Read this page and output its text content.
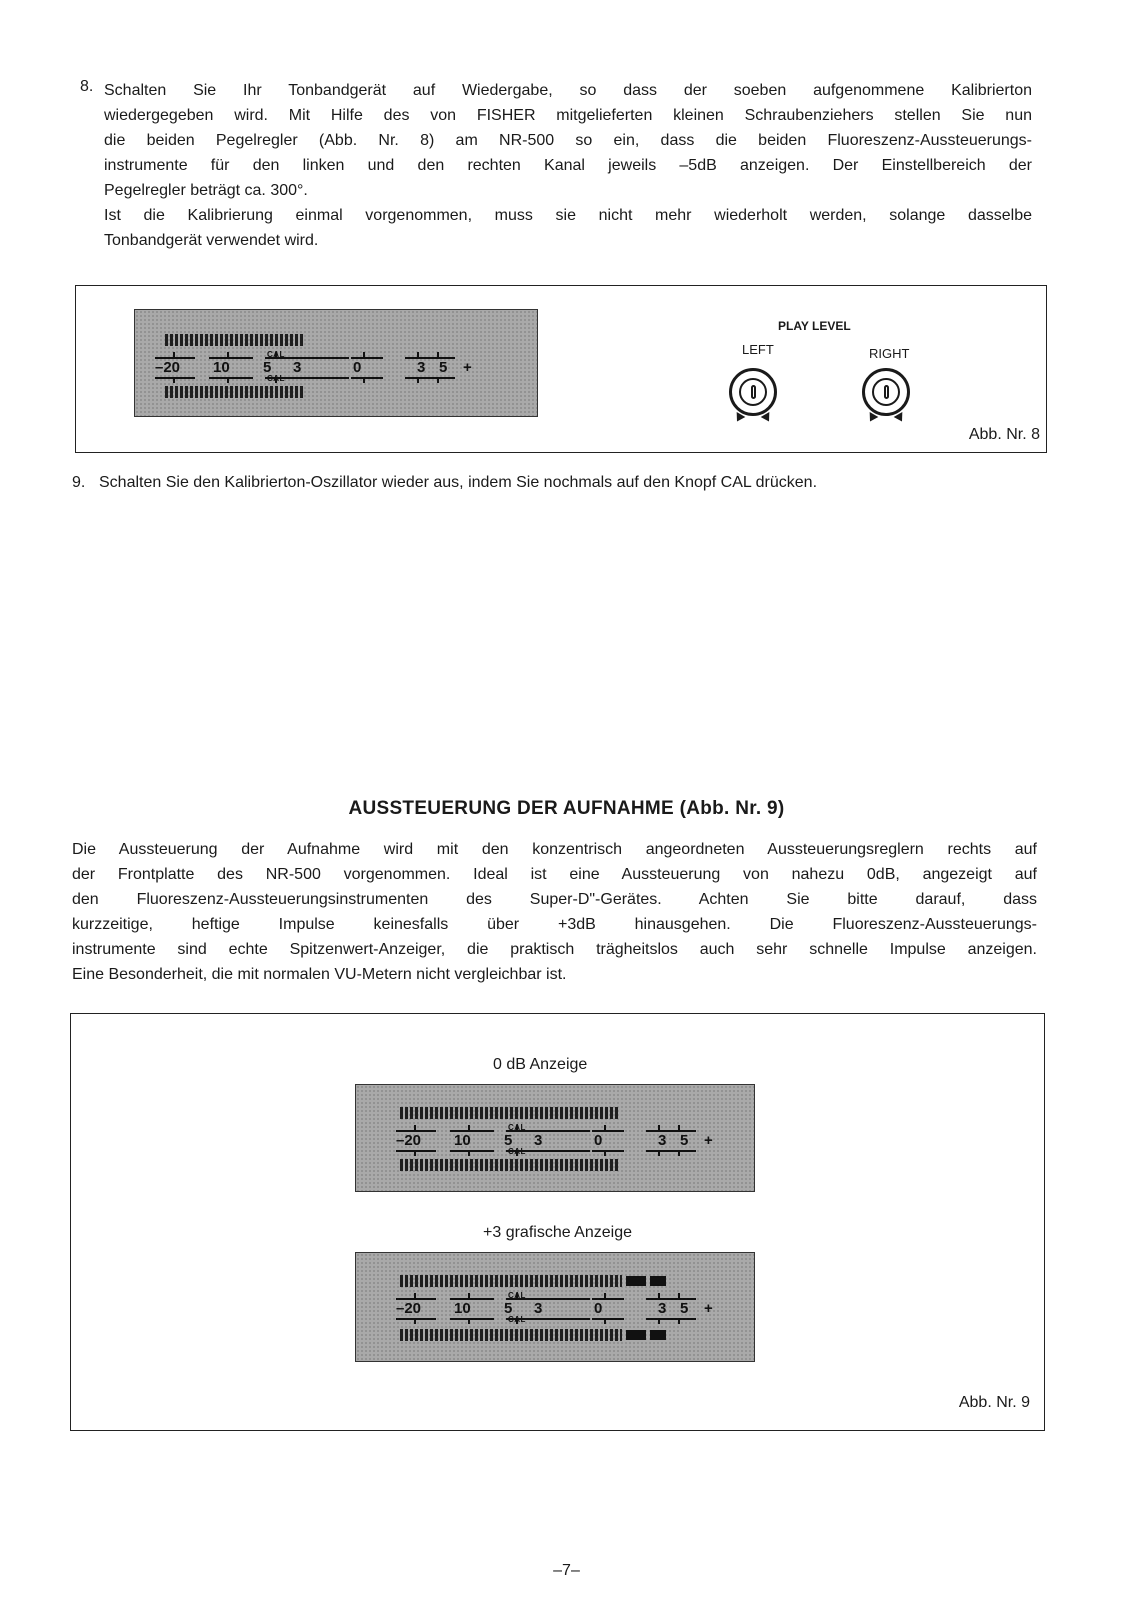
8. Schalten Sie Ihr Tonbandgerät auf Wiedergabe, so dass der soeben aufgenommene Kalibrierton
wiedergegeben wird. Mit Hilfe des von FISHER mitgelieferten kleinen Schraubenziehers stellen Sie nun
die beiden Pegelregler (Abb. Nr. 8) am NR-500 so ein, dass die beiden Fluoreszenz-Aussteuerungs-
instrumente für den linken und den rechten Kanal jeweils –5dB anzeigen. Der Einstellbereich der
Pegelregler beträgt ca. 300°.
Ist die Kalibrierung einmal vorgenommen, muss sie nicht mehr wiederholt werden, solange dasselbe
Tonbandgerät verwendet wird.
–20 10 5 3	0	3 5 +
CAL
CAL
PLAY LEVEL
LEFT	RIGHT
Abb. Nr. 8
9. Schalten Sie den Kalibrierton-Oszillator wieder aus, indem Sie nochmals auf den Knopf CAL drücken.
AUSSTEUERUNG DER AUFNAHME (Abb. Nr. 9)
Die Aussteuerung der Aufnahme wird mit den konzentrisch angeordneten Aussteuerungsreglern rechts auf
der Frontplatte des NR-500 vorgenommen. Ideal ist eine Aussteuerung von nahezu 0dB, angezeigt auf
den Fluoreszenz-Aussteuerungsinstrumenten des Super-D"-Gerätes. Achten Sie bitte darauf, dass
kurzzeitige, heftige Impulse keinesfalls über +3dB hinausgehen. Die Fluoreszenz-Aussteuerungs-
instrumente sind echte Spitzenwert-Anzeiger, die praktisch trägheitslos auch sehr schnelle Impulse anzeigen.
Eine Besonderheit, die mit normalen VU-Metern nicht vergleichbar ist.
0 dB Anzeige
–20 10 5 3	0	3 5 +
CAL
CAL
+3 grafische Anzeige
–20 10 5 3	0	3 5 +
CAL
CAL
Abb. Nr. 9
–7–
